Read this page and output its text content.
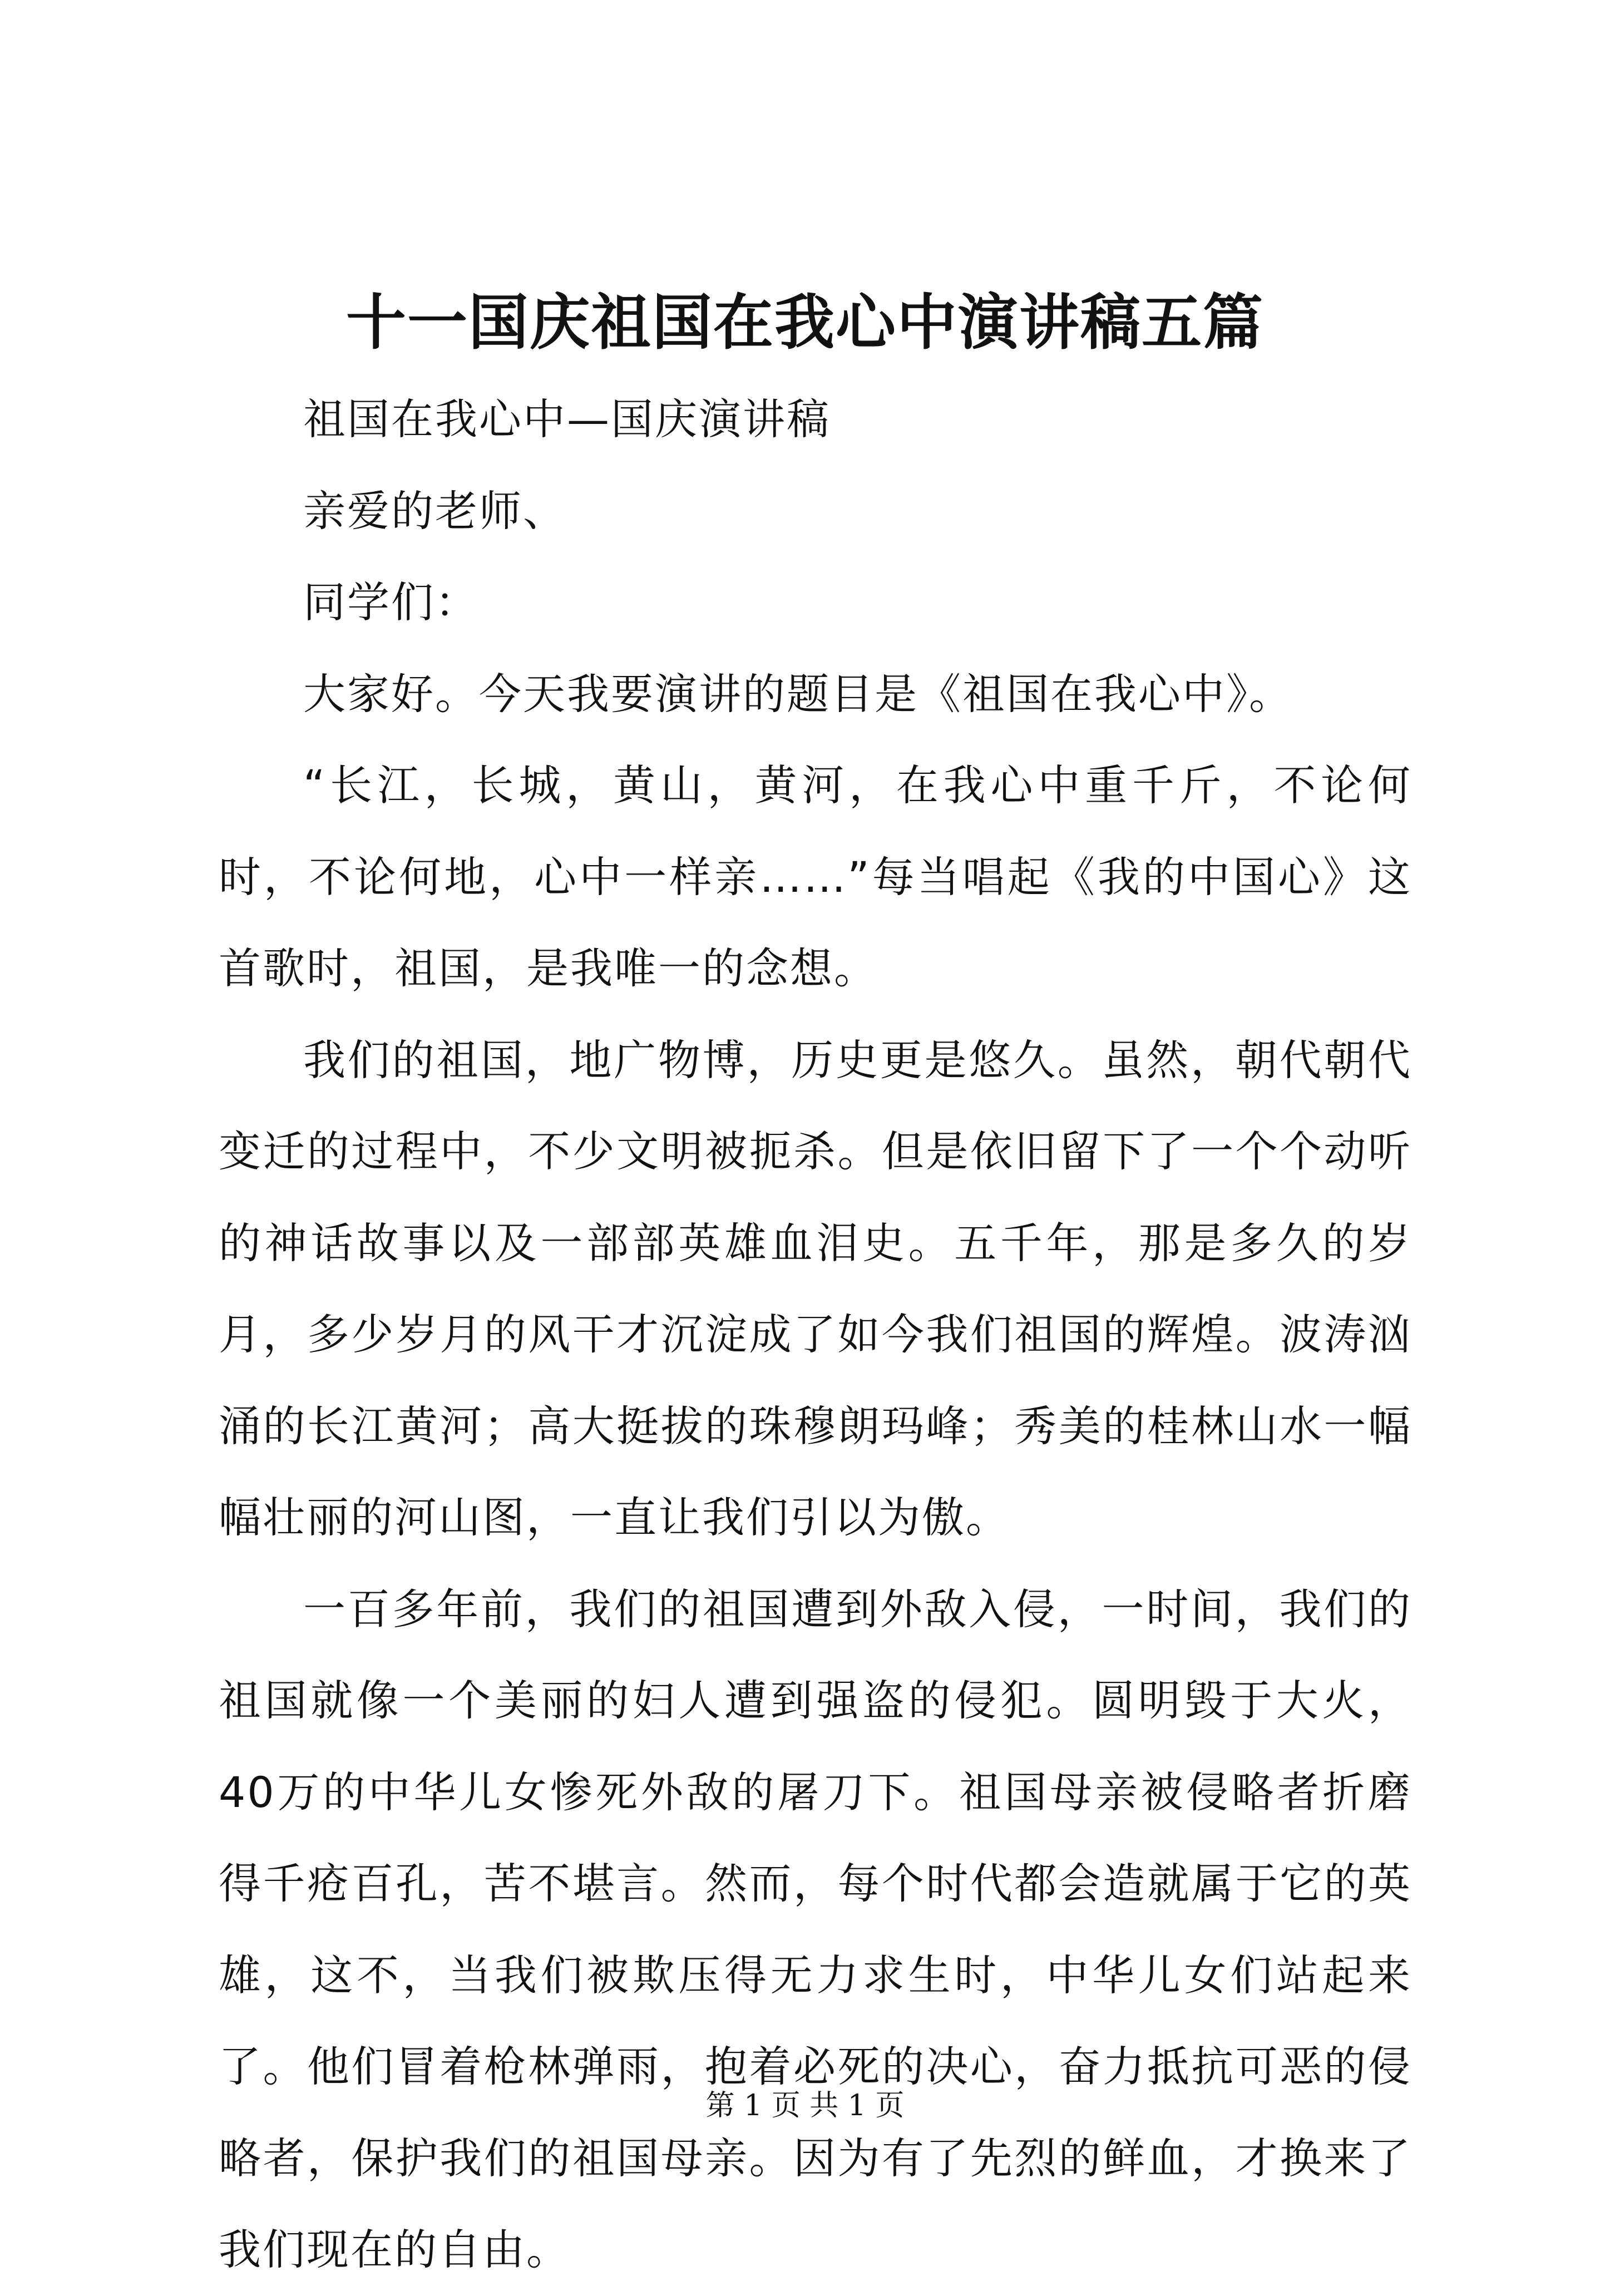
十一国庆祖国在我心中演讲稿五篇

祖国在我心中—国庆演讲稿

亲爱的老师、

同学们：

大家好。今天我要演讲的题目是《祖国在我心中》。

“长江，长城，黄山，黄河，在我心中重千斤，不论何时，不论何地，心中一样亲……”每当唱起《我的中国心》这首歌时，祖国，是我唯一的念想。

我们的祖国，地广物博，历史更是悠久。虽然，朝代朝代变迁的过程中，不少文明被扼杀。但是依旧留下了一个个动听的神话故事以及一部部英雄血泪史。五千年，那是多久的岁月，多少岁月的风干才沉淀成了如今我们祖国的辉煌。波涛汹涌的长江黄河；高大挺拔的珠穆朗玛峰；秀美的桂林山水一幅幅壮丽的河山图，一直让我们引以为傲。

一百多年前，我们的祖国遭到外敌入侵，一时间，我们的祖国就像一个美丽的妇人遭到强盗的侵犯。圆明毁于大火，40万的中华儿女惨死外敌的屠刀下。祖国母亲被侵略者折磨得千疮百孔，苦不堪言。然而，每个时代都会造就属于它的英雄，这不，当我们被欺压得无力求生时，中华儿女们站起来了。他们冒着枪林弹雨，抱着必死的决心，奋力抵抗可恶的侵略者，保护我们的祖国母亲。因为有了先烈的鲜血，才换来了我们现在的自由。

第 1 页 共 1 页
